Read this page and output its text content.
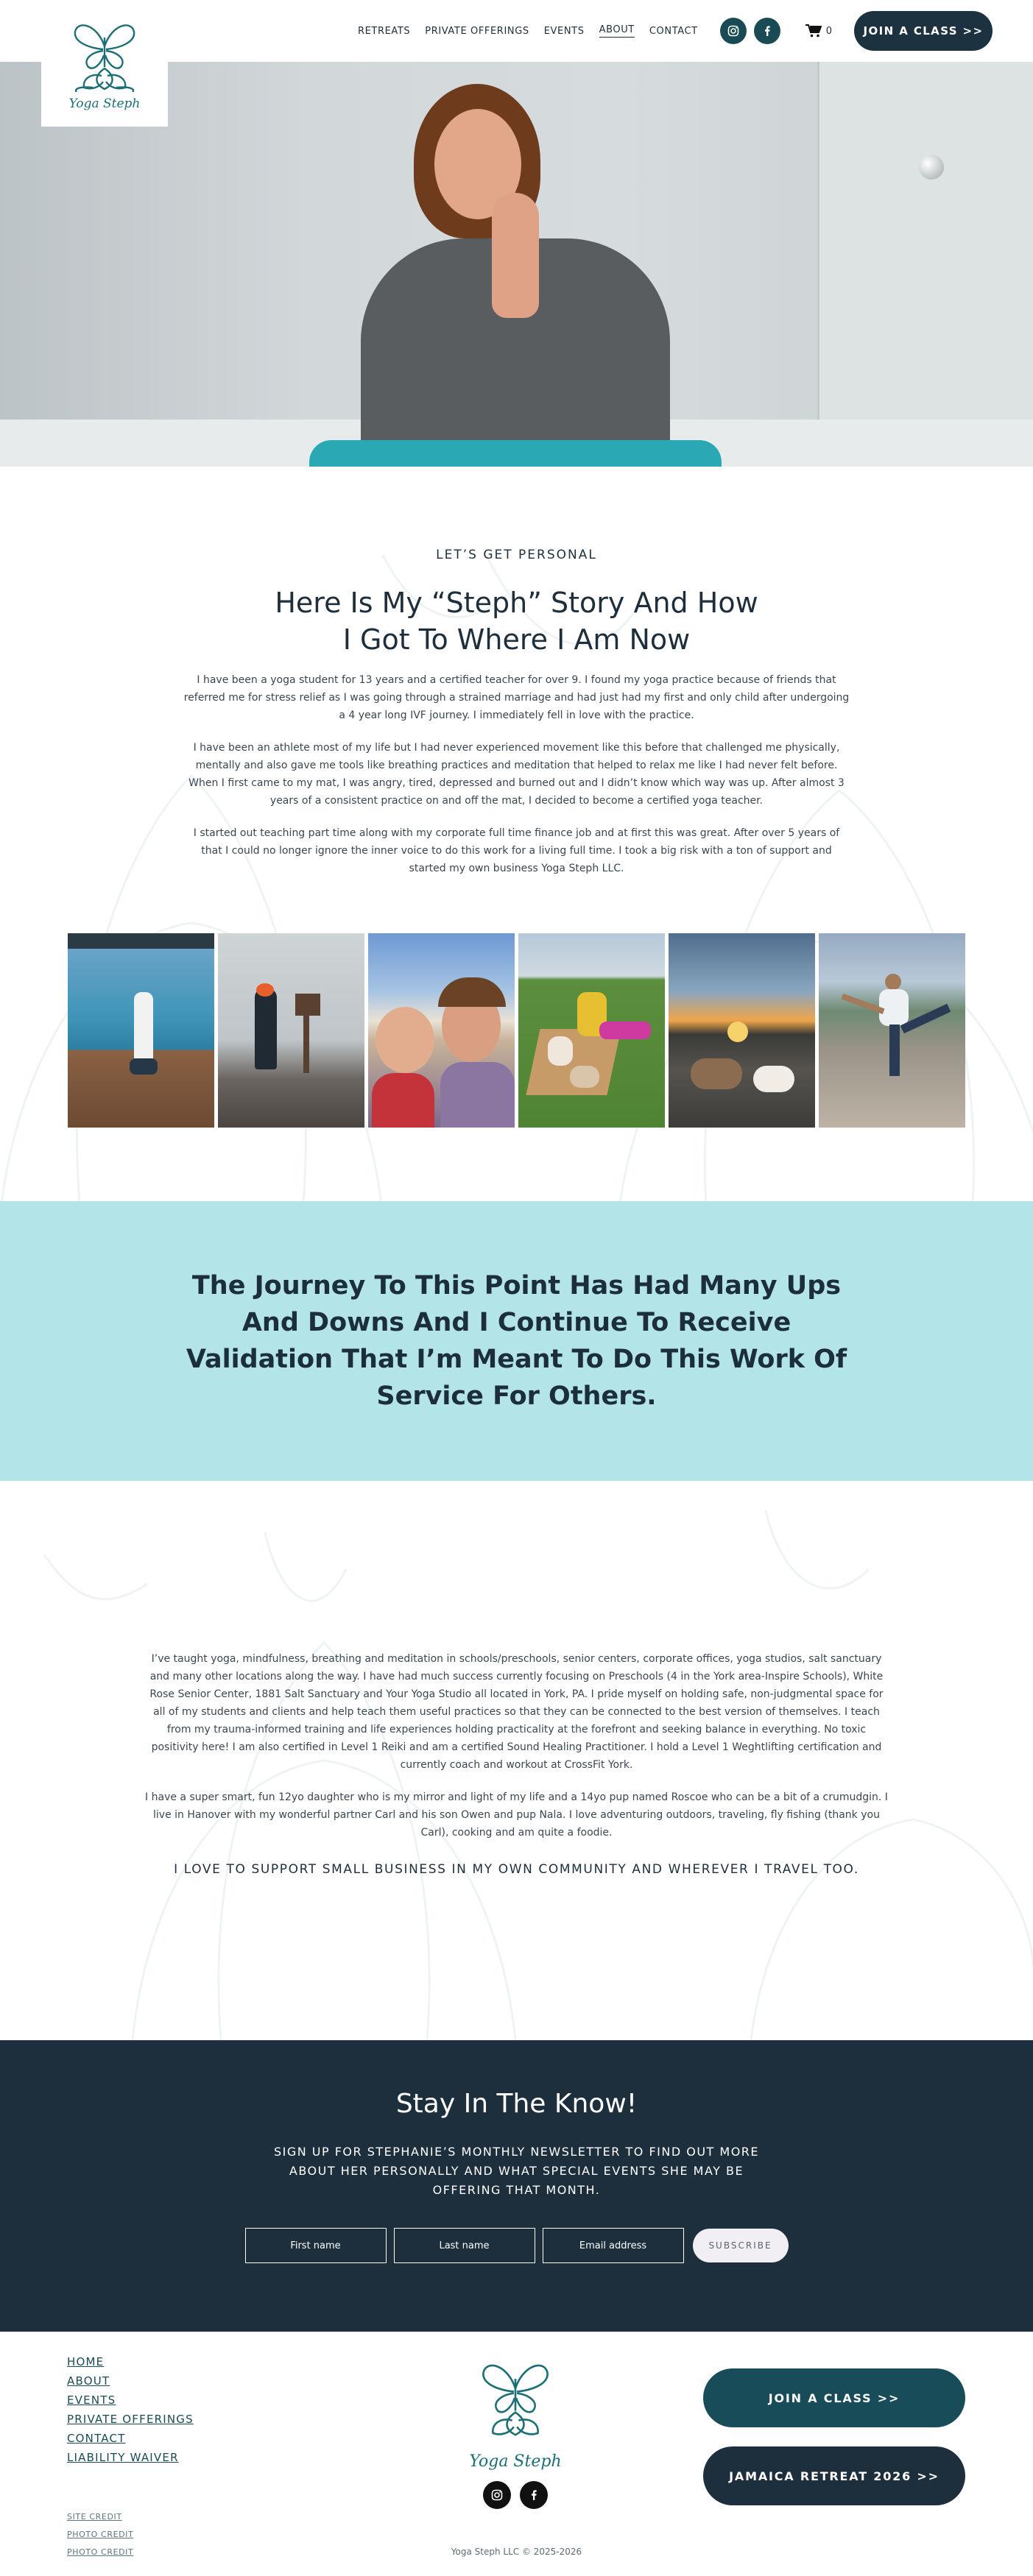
Yoga Steph
RETREATS PRIVATE OFFERINGS EVENTS ABOUT CONTACT	0	JOIN A CLASS >>
LET’S GET PERSONAL
Here Is My “Steph” Story And How
I Got To Where I Am Now

I have been a yoga student for 13 years and a certified teacher for over 9. I found my yoga practice because of friends that referred me for stress relief as I was going through a strained marriage and had just had my first and only child after undergoing a 4 year long IVF journey. I immediately fell in love with the practice.

I have been an athlete most of my life but I had never experienced movement like this before that challenged me physically, mentally and also gave me tools like breathing practices and meditation that helped to relax me like I had never felt before. When I first came to my mat, I was angry, tired, depressed and burned out and I didn’t know which way was up. After almost 3 years of a consistent practice on and off the mat, I decided to become a certified yoga teacher.

I started out teaching part time along with my corporate full time finance job and at first this was great. After over 5 years of that I could no longer ignore the inner voice to do this work for a living full time. I took a big risk with a ton of support and started my own business Yoga Steph LLC.

The Journey To This Point Has Had Many Ups And Downs And I Continue To Receive Validation That I’m Meant To Do This Work Of Service For Others.

I’ve taught yoga, mindfulness, breathing and meditation in schools/preschools, senior centers, corporate offices, yoga studios, salt sanctuary and many other locations along the way. I have had much success currently focusing on Preschools (4 in the York area-Inspire Schools), White Rose Senior Center, 1881 Salt Sanctuary and Your Yoga Studio all located in York, PA. I pride myself on holding safe, non-judgmental space for all of my students and clients and help teach them useful practices so that they can be connected to the best version of themselves. I teach from my trauma-informed training and life experiences holding practicality at the forefront and seeking balance in everything. No toxic positivity here! I am also certified in Level 1 Reiki and am a certified Sound Healing Practitioner. I hold a Level 1 Weghtlifting certification and currently coach and workout at CrossFit York.

I have a super smart, fun 12yo daughter who is my mirror and light of my life and a 14yo pup named Roscoe who can be a bit of a crumudgin. I live in Hanover with my wonderful partner Carl and his son Owen and pup Nala. I love adventuring outdoors, traveling, fly fishing (thank you Carl), cooking and am quite a foodie.

I LOVE TO SUPPORT SMALL BUSINESS IN MY OWN COMMUNITY AND WHEREVER I TRAVEL TOO.
Stay In The Know!

SIGN UP FOR STEPHANIE’S MONTHLY NEWSLETTER TO FIND OUT MORE ABOUT HER PERSONALLY AND WHAT SPECIAL EVENTS SHE MAY BE OFFERING THAT MONTH.

First name
Last name
Email address
SUBSCRIBE
HOME
ABOUT
EVENTS
PRIVATE OFFERINGS
CONTACT
LIABILITY WAIVER
SITE CREDIT
PHOTO CREDIT
PHOTO CREDIT
Yoga Steph
JOIN A CLASS >>
JAMAICA RETREAT 2026 >>
Yoga Steph LLC © 2025-2026
